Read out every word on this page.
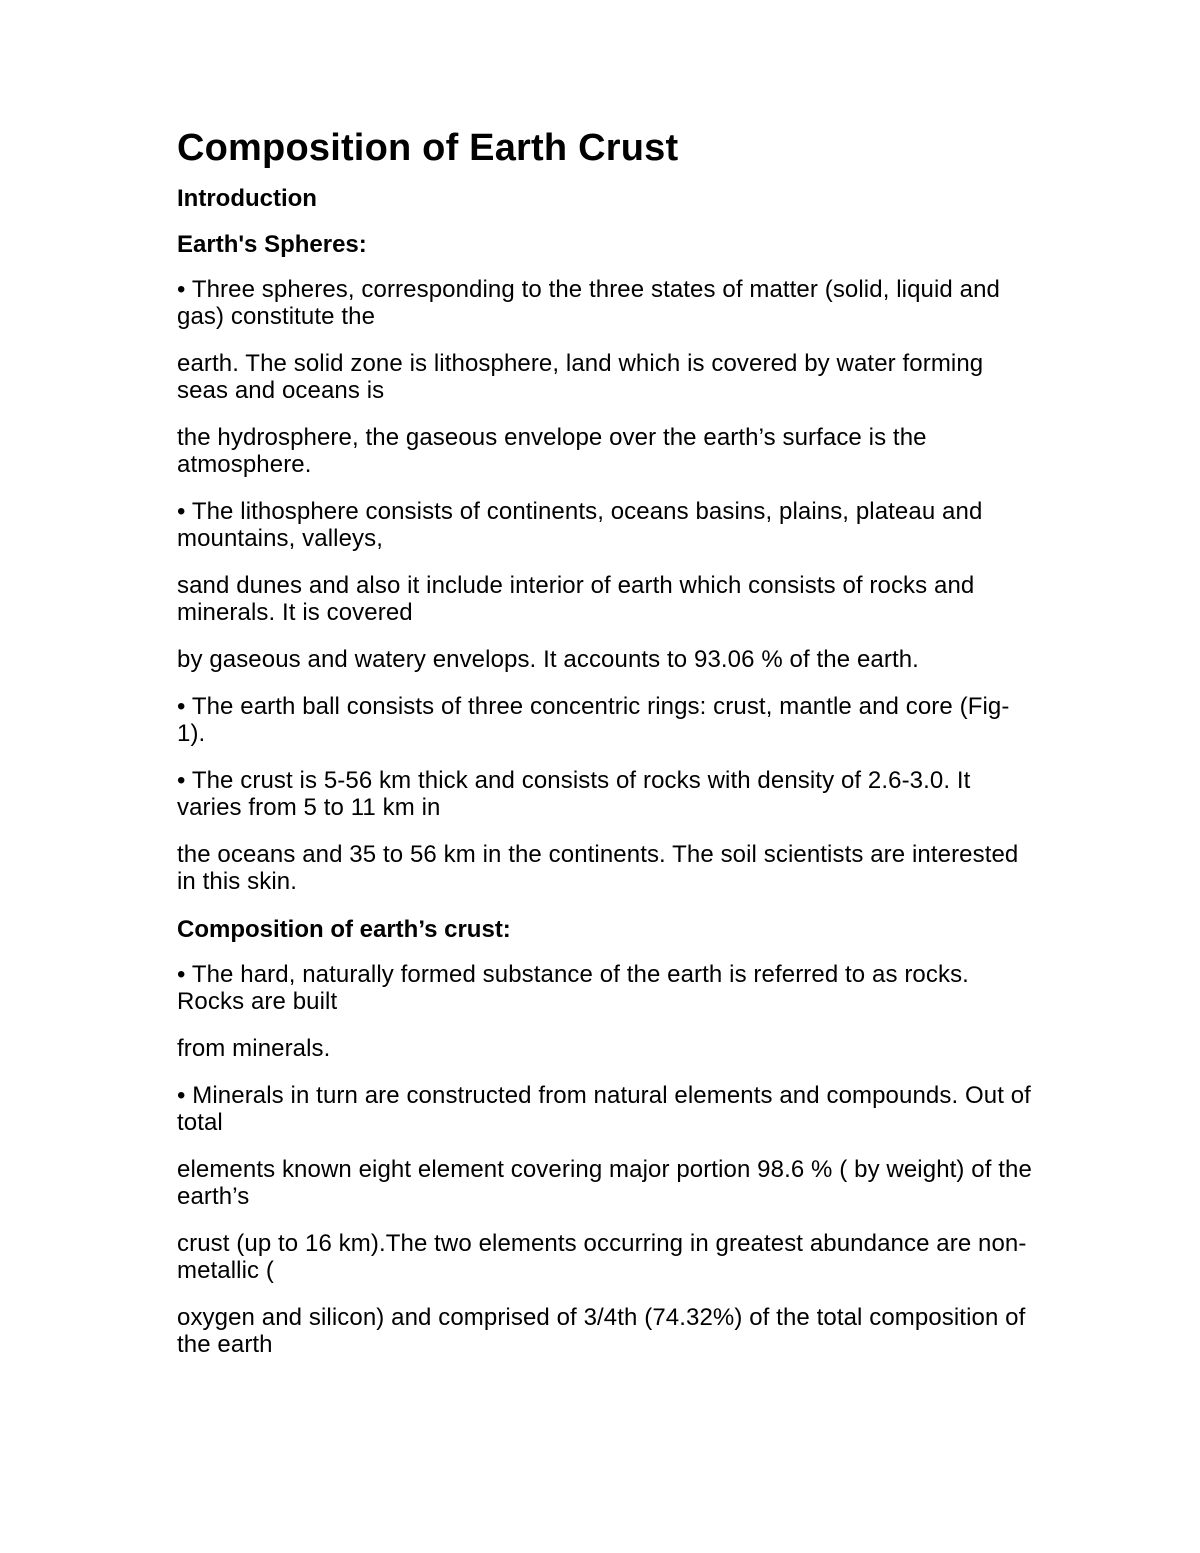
Composition of Earth Crust
Introduction
Earth's Spheres:
• Three spheres, corresponding to the three states of matter (solid, liquid and gas) constitute the
earth. The solid zone is lithosphere, land which is covered by water forming seas and oceans is
the hydrosphere, the gaseous envelope over the earth’s surface is the atmosphere.
• The lithosphere consists of continents, oceans basins, plains, plateau and mountains, valleys,
sand dunes and also it include interior of earth which consists of rocks and minerals. It is covered
by gaseous and watery envelops. It accounts to 93.06 % of the earth.
• The earth ball consists of three concentric rings: crust, mantle and core (Fig-1).
• The crust is 5-56 km thick and consists of rocks with density of 2.6-3.0. It varies from 5 to 11 km in
the oceans and 35 to 56 km in the continents. The soil scientists are interested in this skin.
Composition of earth’s crust:
• The hard, naturally formed substance of the earth is referred to as rocks. Rocks are built
from minerals.
• Minerals in turn are constructed from natural elements and compounds. Out of total
elements known eight element covering major portion 98.6 % ( by weight) of the earth’s
crust (up to 16 km).The two elements occurring in greatest abundance are non-metallic (
oxygen and silicon) and comprised of 3/4th (74.32%) of the total composition of the earth
